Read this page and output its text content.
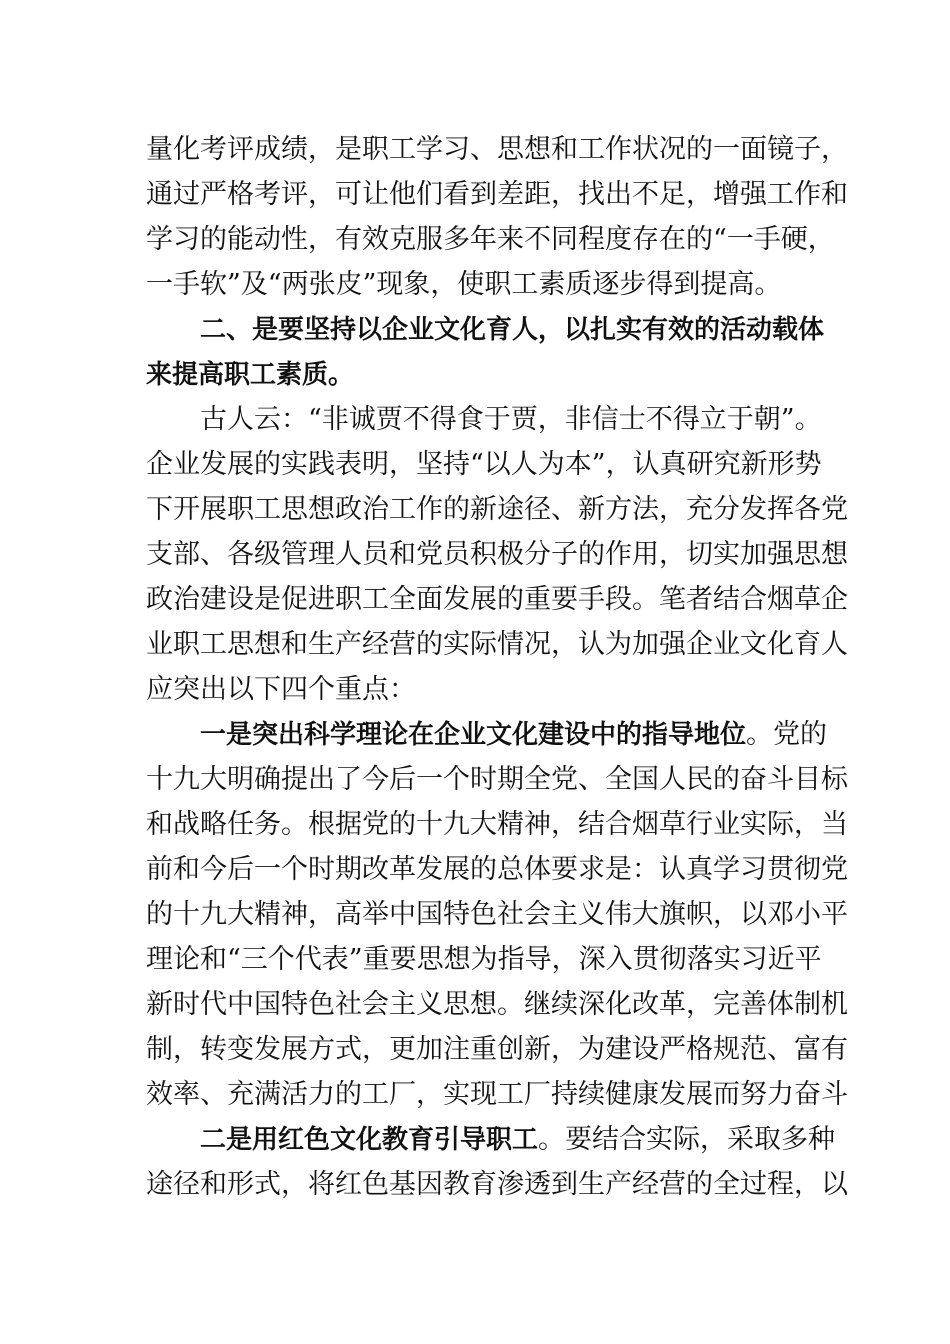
量化考评成绩，是职工学习、思想和工作状况的一面镜子，
通过严格考评，可让他们看到差距，找出不足，增强工作和
学习的能动性，有效克服多年来不同程度存在的“一手硬，
一手软”及“两张皮”现象，使职工素质逐步得到提高。
二、是要坚持以企业文化育人，以扎实有效的活动载体
来提高职工素质。
古人云：“非诚贾不得食于贾，非信士不得立于朝”。
企业发展的实践表明，坚持“以人为本”，认真研究新形势
下开展职工思想政治工作的新途径、新方法，充分发挥各党
支部、各级管理人员和党员积极分子的作用，切实加强思想
政治建设是促进职工全面发展的重要手段。笔者结合烟草企
业职工思想和生产经营的实际情况，认为加强企业文化育人
应突出以下四个重点：
一是突出科学理论在企业文化建设中的指导地位 。党的
十九大明确提出了今后一个时期全党、全国人民的奋斗目标
和战略任务。根据党的十九大精神，结合烟草行业实际，当
前和今后一个时期改革发展的总体要求是：认真学习贯彻党
的十九大精神，高举中国特色社会主义伟大旗帜，以邓小平
理论和“三个代表”重要思想为指导，深入贯彻落实习近平
新时代中国特色社会主义思想。继续深化改革，完善体制机
制，转变发展方式，更加注重创新，为建设严格规范、富有
效率、充满活力的工厂，实现工厂持续健康发展而努力奋斗
二是用红色文化教育引导职工 。要结合实际，采取多种
途径和形式，将红色基因教育渗透到生产经营的全过程，以
